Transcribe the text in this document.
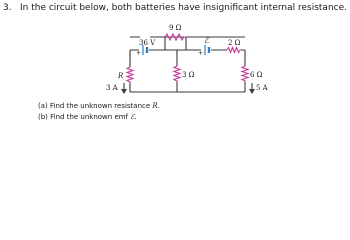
3. In the circuit below, both batteries have insignificant internal resistance.
36 V
+
ℰ
+
9 Ω
2 Ω
R	3 Ω	6 Ω
3 A	5 A
(a) Find the unknown resistance R.
(b) Find the unknown emf ℰ.
